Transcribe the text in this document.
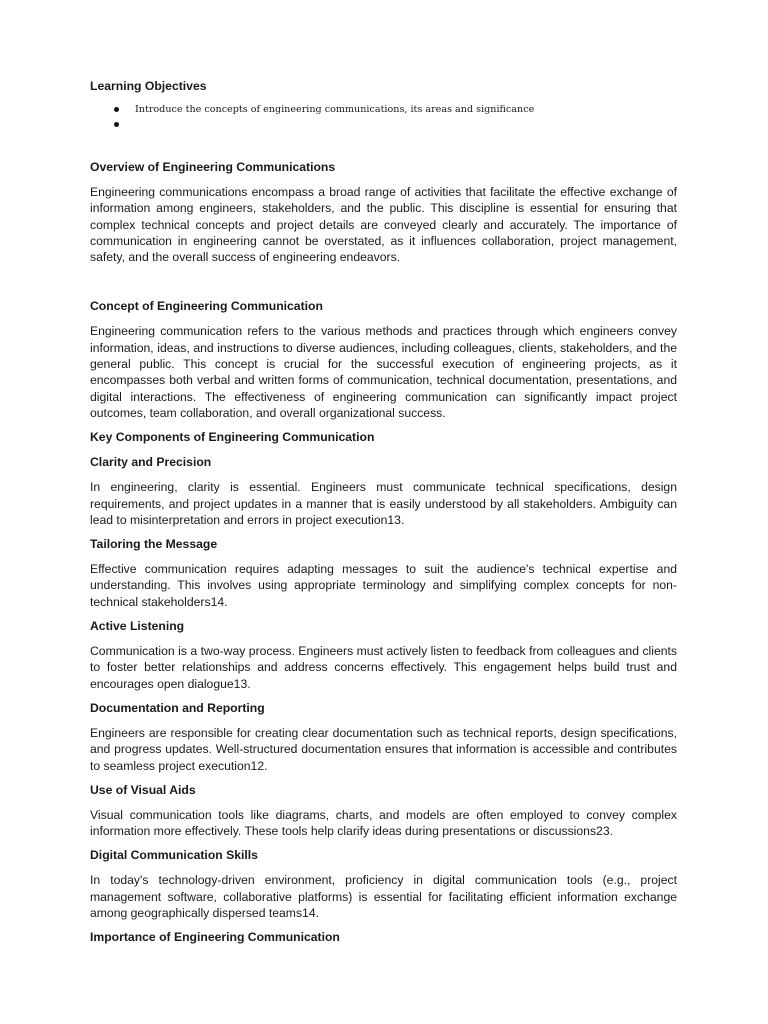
Learning Objectives
Introduce the concepts of engineering communications, its areas and significance
Overview of Engineering Communications

Engineering communications encompass a broad range of activities that facilitate the effective exchange of information among engineers, stakeholders, and the public. This discipline is essential for ensuring that complex technical concepts and project details are conveyed clearly and accurately. The importance of communication in engineering cannot be overstated, as it influences collaboration, project management, safety, and the overall success of engineering endeavors.

Concept of Engineering Communication

Engineering communication refers to the various methods and practices through which engineers convey information, ideas, and instructions to diverse audiences, including colleagues, clients, stakeholders, and the general public. This concept is crucial for the successful execution of engineering projects, as it encompasses both verbal and written forms of communication, technical documentation, presentations, and digital interactions. The effectiveness of engineering communication can significantly impact project outcomes, team collaboration, and overall organizational success.

Key Components of Engineering Communication
Clarity and Precision

In engineering, clarity is essential. Engineers must communicate technical specifications, design requirements, and project updates in a manner that is easily understood by all stakeholders. Ambiguity can lead to misinterpretation and errors in project execution13.

Tailoring the Message

Effective communication requires adapting messages to suit the audience's technical expertise and understanding. This involves using appropriate terminology and simplifying complex concepts for non-technical stakeholders14.

Active Listening

Communication is a two-way process. Engineers must actively listen to feedback from colleagues and clients to foster better relationships and address concerns effectively. This engagement helps build trust and encourages open dialogue13.

Documentation and Reporting

Engineers are responsible for creating clear documentation such as technical reports, design specifications, and progress updates. Well-structured documentation ensures that information is accessible and contributes to seamless project execution12.

Use of Visual Aids

Visual communication tools like diagrams, charts, and models are often employed to convey complex information more effectively. These tools help clarify ideas during presentations or discussions23.

Digital Communication Skills

In today's technology-driven environment, proficiency in digital communication tools (e.g., project management software, collaborative platforms) is essential for facilitating efficient information exchange among geographically dispersed teams14.

Importance of Engineering Communication
